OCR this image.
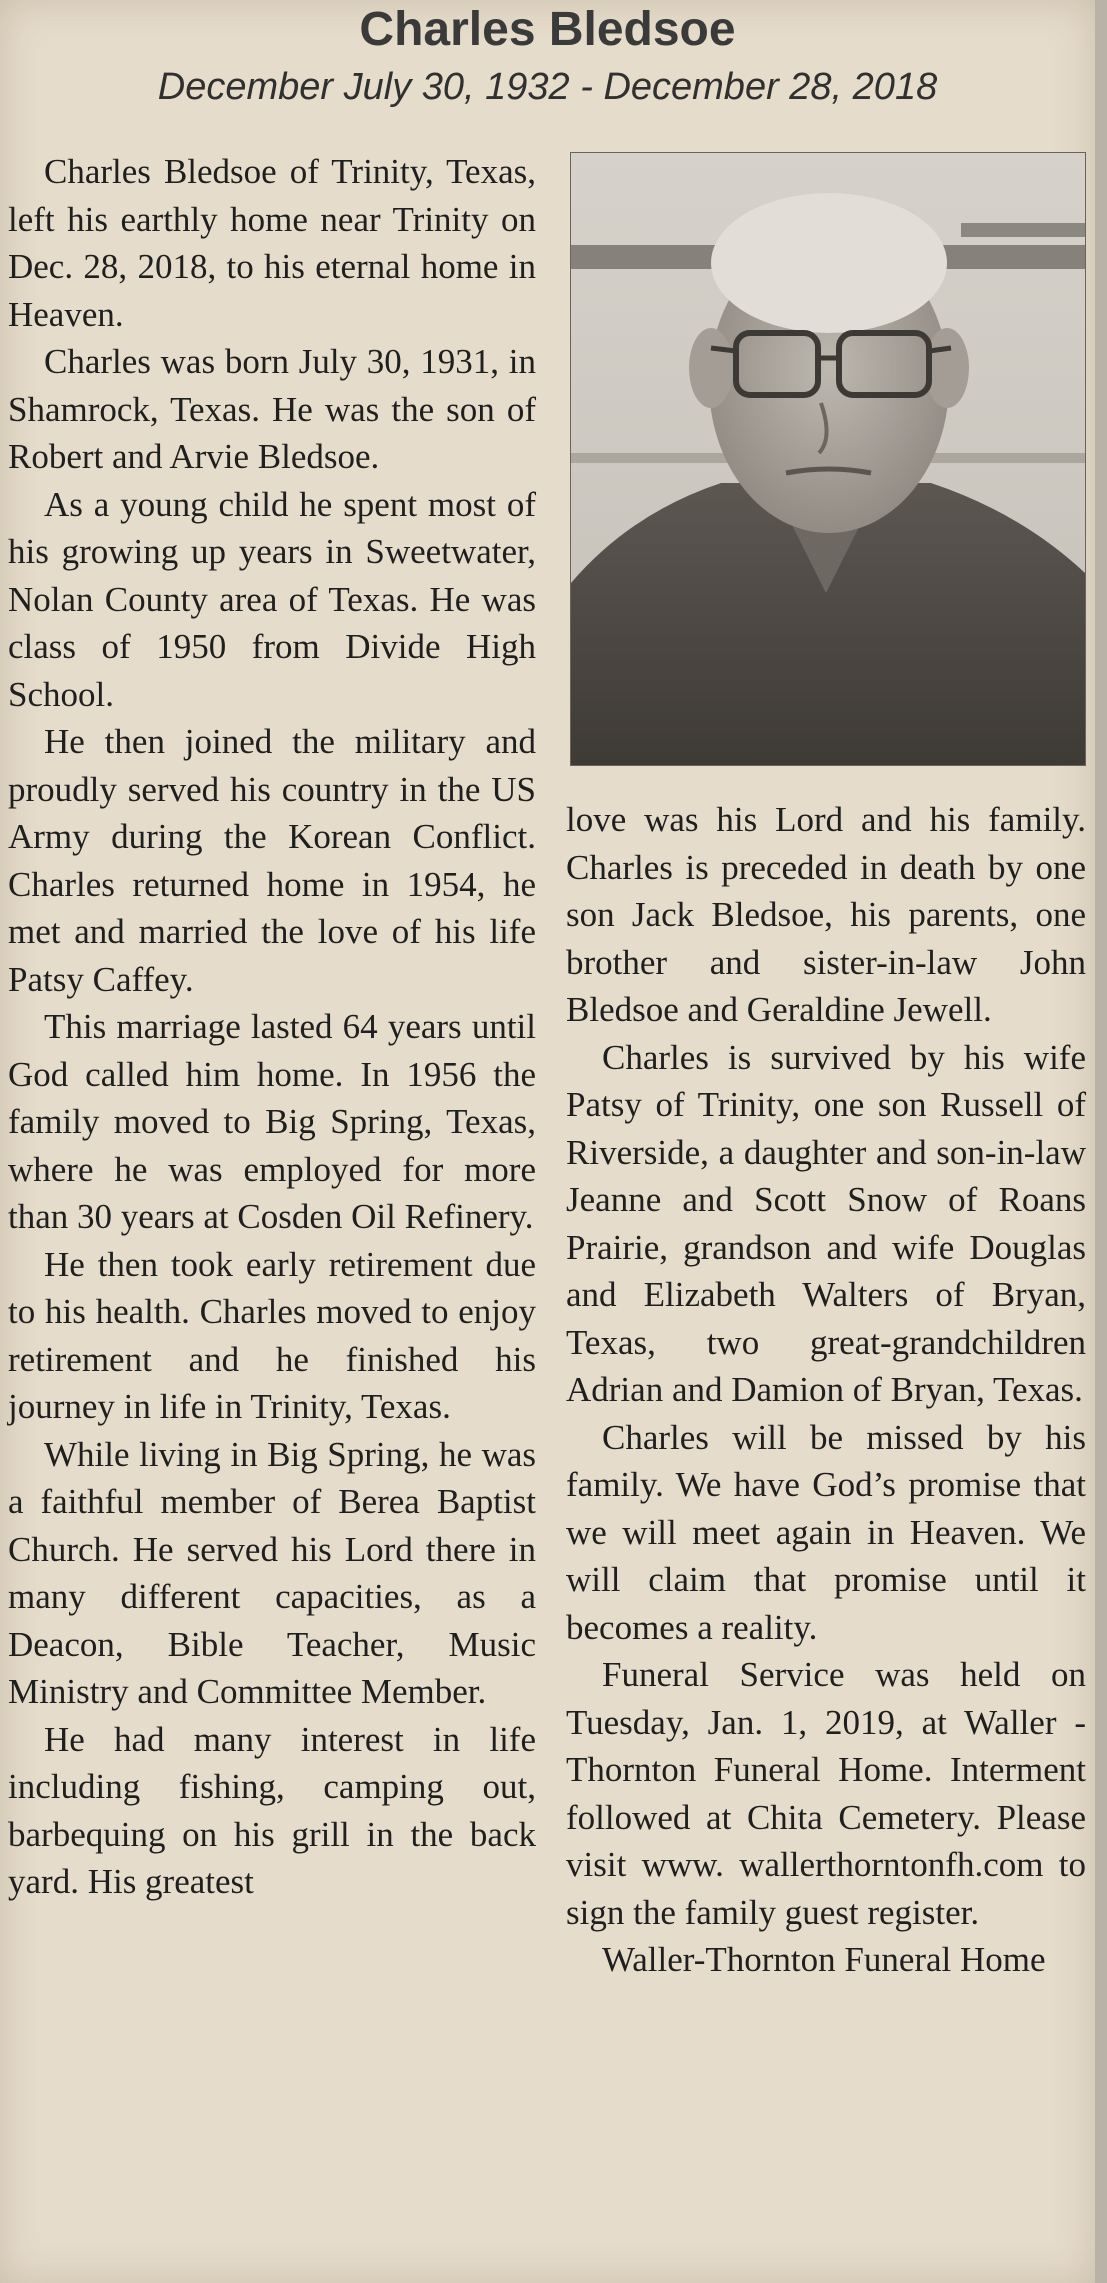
Charles Bledsoe
December July 30, 1932 - December 28, 2018

Charles Bledsoe of Trinity, Texas, left his earthly home near Trinity on Dec. 28, 2018, to his eternal home in Heaven.

Charles was born July 30, 1931, in Shamrock, Texas. He was the son of Robert and Arvie Bledsoe.

As a young child he spent most of his growing up years in Sweetwater, Nolan County area of Texas. He was class of 1950 from Divide High School.

He then joined the military and proudly served his country in the US Army during the Korean Conflict. Charles returned home in 1954, he met and married the love of his life Patsy Caffey.

This marriage lasted 64 years until God called him home. In 1956 the family moved to Big Spring, Texas, where he was employed for more than 30 years at Cosden Oil Refinery.

He then took early retirement due to his health. Charles moved to enjoy retirement and he finished his journey in life in Trinity, Texas.

While living in Big Spring, he was a faithful member of Berea Baptist Church. He served his Lord there in many different capacities, as a Deacon, Bible Teacher, Music Ministry and Committee Member.

He had many interest in life including fishing, camping out, barbequing on his grill in the back yard. His greatest

love was his Lord and his family. Charles is preceded in death by one son Jack Bledsoe, his parents, one brother and sister-in-law John Bledsoe and Geraldine Jewell.

Charles is survived by his wife Patsy of Trinity, one son Russell of Riverside, a daughter and son-in-law Jeanne and Scott Snow of Roans Prairie, grandson and wife Douglas and Elizabeth Walters of Bryan, Texas, two great-grandchildren Adrian and Damion of Bryan, Texas.

Charles will be missed by his family. We have God’s promise that we will meet again in Heaven. We will claim that promise until it becomes a reality.

Funeral Service was held on Tuesday, Jan. 1, 2019, at Waller -Thornton Funeral Home. Interment followed at Chita Cemetery. Please visit www. wallerthorntonfh.com to sign the family guest register.

Waller-Thornton Funeral Home
